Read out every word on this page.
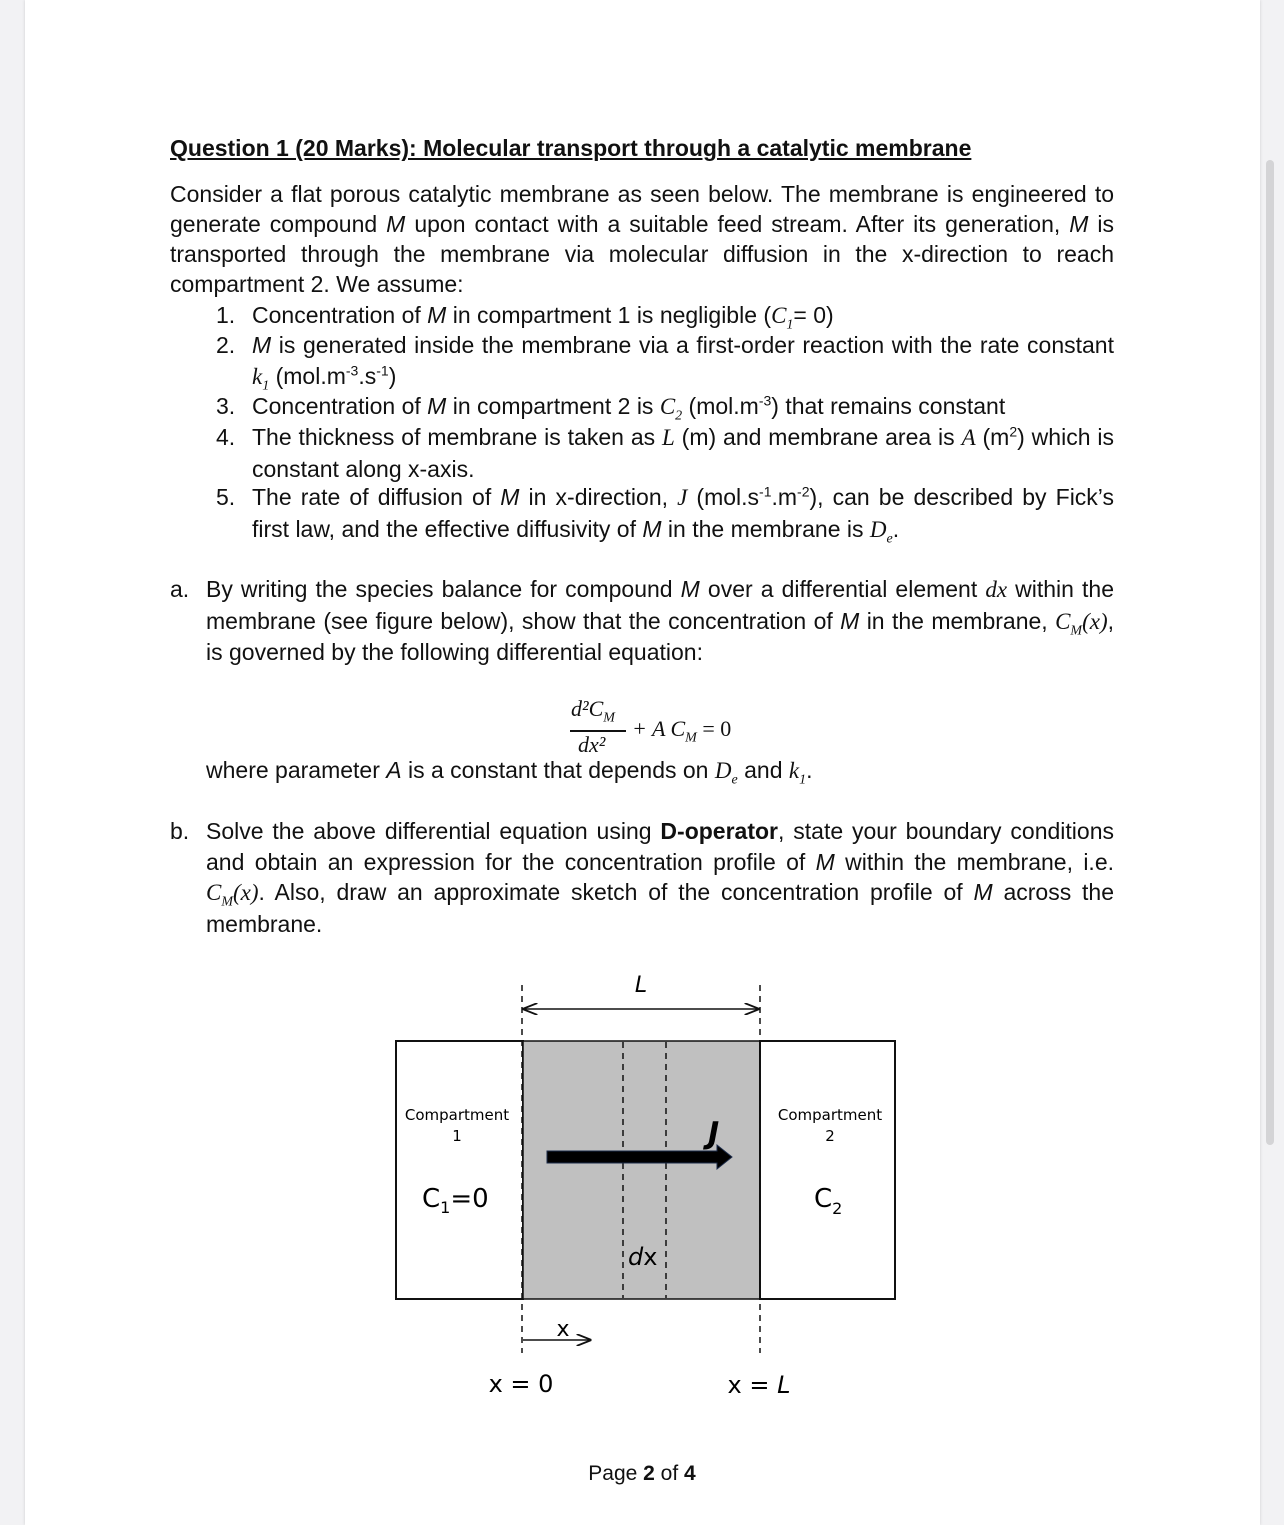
Question 1 (20 Marks): Molecular transport through a catalytic membrane
Consider a flat porous catalytic membrane as seen below. The membrane is engineered to generate compound M upon contact with a suitable feed stream. After its generation, M is transported through the membrane via molecular diffusion in the x-direction to reach compartment 2. We assume:
1. Concentration of M in compartment 1 is negligible $(C_1= 0)$
2. M is generated inside the membrane via a first-order reaction with the rate constant $k_1$ $(mol.m^{-3}.s^{-1})$
3. Concentration of M in compartment 2 is $C_2$ $(mol.m^{-3})$ that remains constant
4. The thickness of membrane is taken as L (m) and membrane area is A $(m^2)$ which is constant along x-axis.
5. The rate of diffusion of M in x-direction, J $(mol.s^{-1}.m^{-2})$, can be described by Fick’s first law, and the effective diffusivity of M in the membrane is $D_e$.
a. By writing the species balance for compound M over a differential element dx within the membrane (see figure below), show that the concentration of M in the membrane, $C_M(x)$, is governed by the following differential equation:
$d^2C_M$
dx²
+ A $C_M = 0$
where parameter A is a constant that depends on $D_e$ and $k_1$.
b. Solve the above differential equation using D-operator, state your boundary conditions and obtain an expression for the concentration profile of M within the membrane, i.e. $C_M(x)$. Also, draw an approximate sketch of the concentration profile of M across the membrane.
L
Compartment
1
Compartment
2
J
$C_1=0$	$C_2$
dx
x
x = 0	x = L
Page 2 of 4
